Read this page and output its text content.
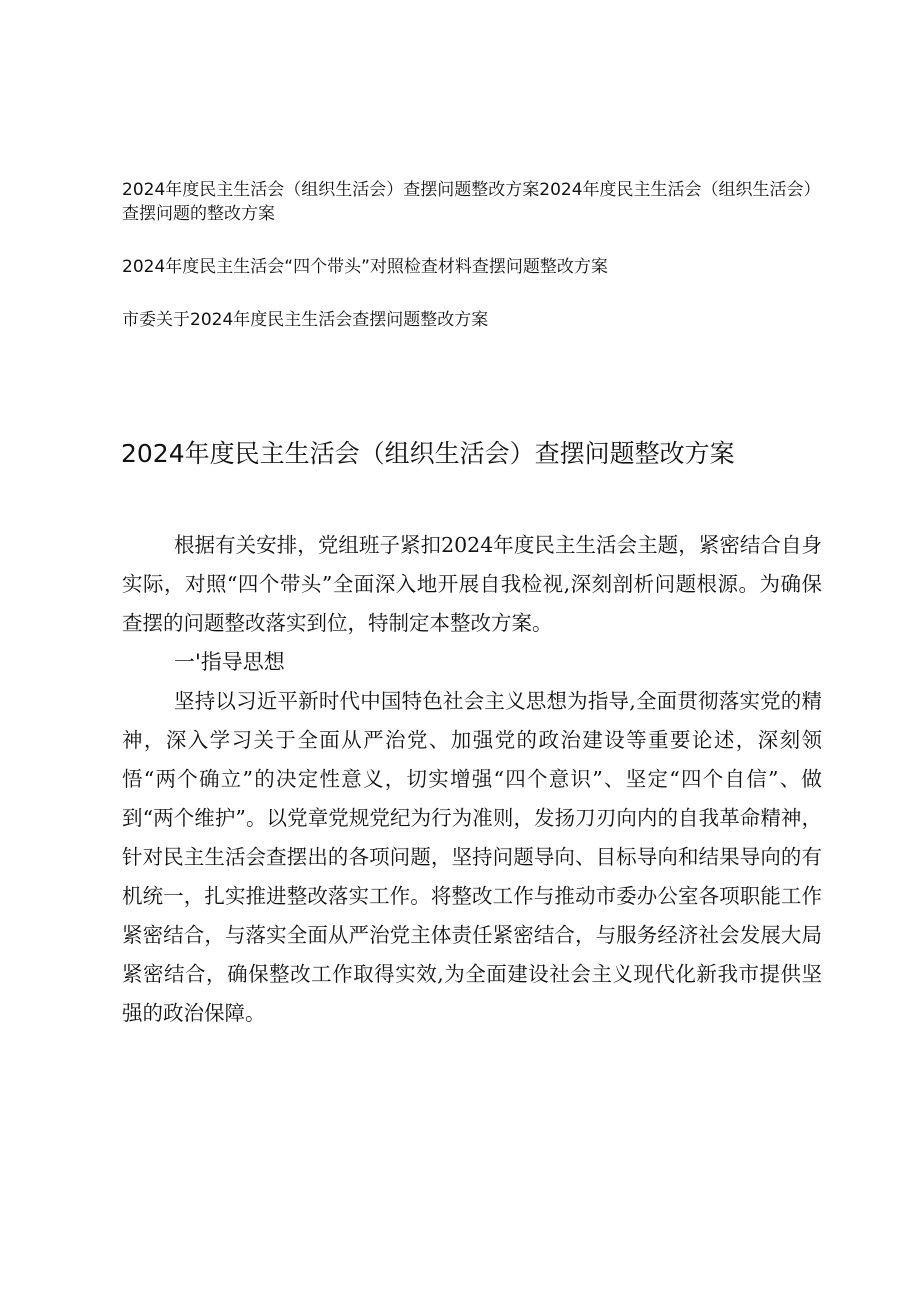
2024年度民主生活会（组织生活会）查摆问题整改方案2024年度民主生活会（组织生活会）查摆问题的整改方案

2024年度民主生活会“四个带头”对照检查材料查摆问题整改方案

市委关于2024年度民主生活会查摆问题整改方案

2024年度民主生活会（组织生活会）查摆问题整改方案

根据有关安排，党组班子紧扣2024年度民主生活会主题，紧密结合自身实际，对照“四个带头”全面深入地开展自我检视,深刻剖析问题根源。为确保查摆的问题整改落实到位，特制定本整改方案。

一'指导思想

坚持以习近平新时代中国特色社会主义思想为指导,全面贯彻落实党的精神，深入学习关于全面从严治党、加强党的政治建设等重要论述，深刻领悟“两个确立”的决定性意义，切实增强“四个意识”、坚定“四个自信”、做到“两个维护”。以党章党规党纪为行为准则，发扬刀刃向内的自我革命精神，针对民主生活会查摆出的各项问题，坚持问题导向、目标导向和结果导向的有机统一，扎实推进整改落实工作。将整改工作与推动市委办公室各项职能工作紧密结合，与落实全面从严治党主体责任紧密结合，与服务经济社会发展大局紧密结合，确保整改工作取得实效,为全面建设社会主义现代化新我市提供坚强的政治保障。
